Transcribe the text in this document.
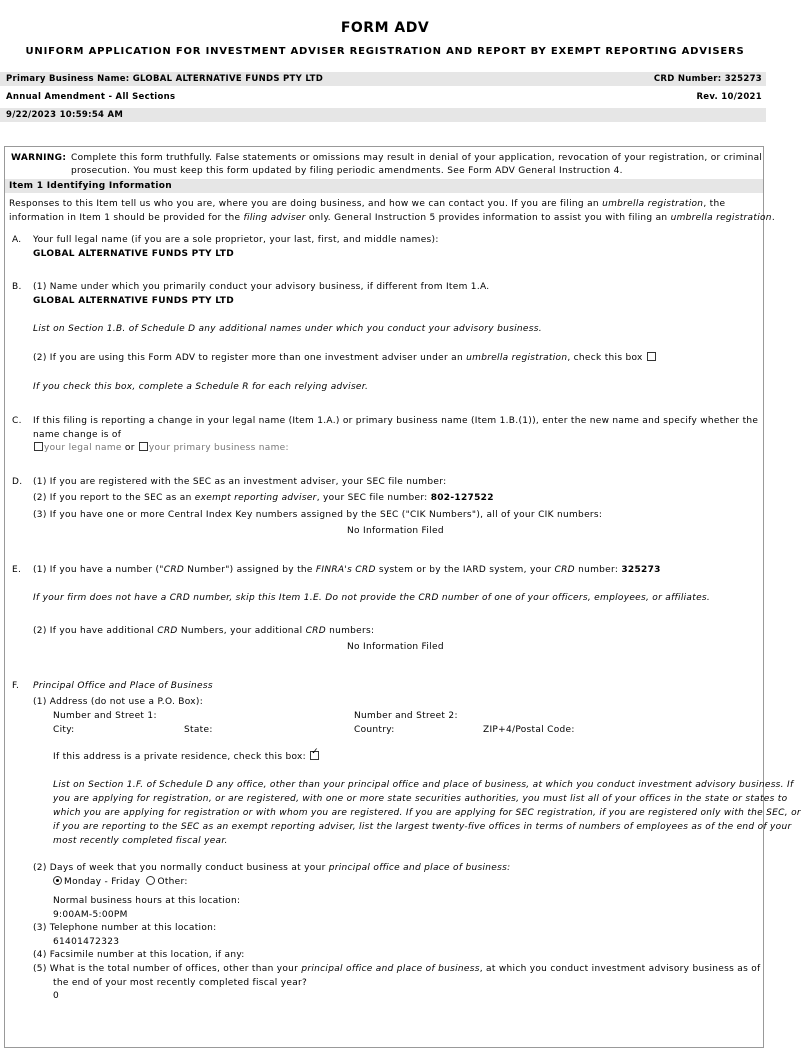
FORM ADV
UNIFORM APPLICATION FOR INVESTMENT ADVISER REGISTRATION AND REPORT BY EXEMPT REPORTING ADVISERS
Primary Business Name: GLOBAL ALTERNATIVE FUNDS PTY LTD	CRD Number: 325273
Annual Amendment - All Sections	Rev. 10/2021
9/22/2023 10:59:54 AM
WARNING: Complete this form truthfully. False statements or omissions may result in denial of your application, revocation of your registration, or criminal
prosecution. You must keep this form updated by filing periodic amendments. See Form ADV General Instruction 4.
Item 1 Identifying Information
Responses to this Item tell us who you are, where you are doing business, and how we can contact you. If you are filing an umbrella registration, the
information in Item 1 should be provided for the filing adviser only. General Instruction 5 provides information to assist you with filing an umbrella registration.
A. Your full legal name (if you are a sole proprietor, your last, first, and middle names):
GLOBAL ALTERNATIVE FUNDS PTY LTD
B. (1) Name under which you primarily conduct your advisory business, if different from Item 1.A.
GLOBAL ALTERNATIVE FUNDS PTY LTD
List on Section 1.B. of Schedule D any additional names under which you conduct your advisory business.
(2) If you are using this Form ADV to register more than one investment adviser under an umbrella registration, check this box
If you check this box, complete a Schedule R for each relying adviser.
C. If this filing is reporting a change in your legal name (Item 1.A.) or primary business name (Item 1.B.(1)), enter the new name and specify whether the
name change is of
your legal name or your primary business name:
D. (1) If you are registered with the SEC as an investment adviser, your SEC file number:
(2) If you report to the SEC as an exempt reporting adviser, your SEC file number: 802-127522
(3) If you have one or more Central Index Key numbers assigned by the SEC ("CIK Numbers"), all of your CIK numbers:
No Information Filed
E. (1) If you have a number ("CRD Number") assigned by the FINRA's CRD system or by the IARD system, your CRD number: 325273
If your firm does not have a CRD number, skip this Item 1.E. Do not provide the CRD number of one of your officers, employees, or affiliates.
(2) If you have additional CRD Numbers, your additional CRD numbers:
No Information Filed
F. Principal Office and Place of Business
(1) Address (do not use a P.O. Box):
Number and Street 1:	Number and Street 2:
City:	State:	Country:	ZIP+4/Postal Code:
If this address is a private residence, check this box: ✓
List on Section 1.F. of Schedule D any office, other than your principal office and place of business, at which you conduct investment advisory business. If
you are applying for registration, or are registered, with one or more state securities authorities, you must list all of your offices in the state or states to
which you are applying for registration or with whom you are registered. If you are applying for SEC registration, if you are registered only with the SEC, or
if you are reporting to the SEC as an exempt reporting adviser, list the largest twenty-five offices in terms of numbers of employees as of the end of your
most recently completed fiscal year.
(2) Days of week that you normally conduct business at your principal office and place of business:
Monday - Friday Other:
Normal business hours at this location:
9:00AM-5:00PM
(3) Telephone number at this location:
61401472323
(4) Facsimile number at this location, if any:
(5) What is the total number of offices, other than your principal office and place of business, at which you conduct investment advisory business as of
the end of your most recently completed fiscal year?
0
